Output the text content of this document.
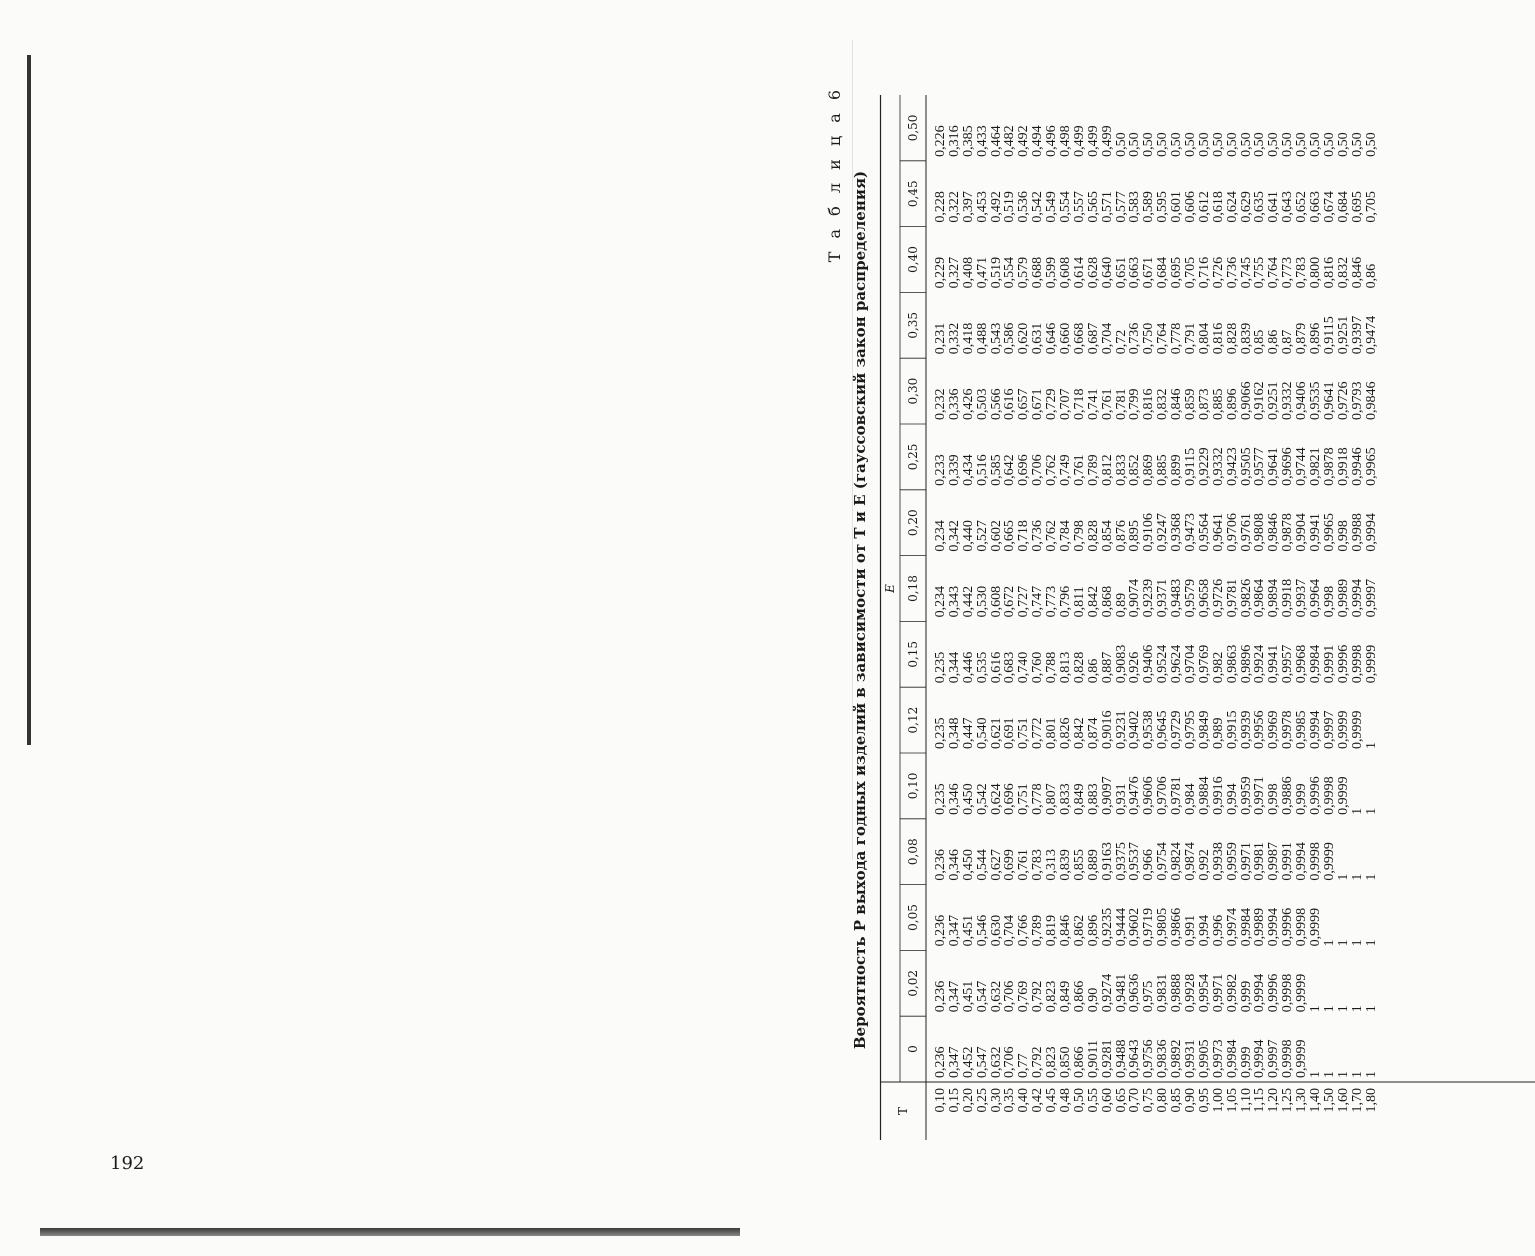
192
Т а б л и ц а 6 Вероятность P выхода годных изделий в зависимости от T и E (гауссовский закон распределения)
T
E
0
0,02
0,05
0,08
0,10
0,12
0,15
0,18
0,20
0,25
0,30
0,35
0,40
0,45
0,50
0,10
0,15
0,20
0,25
0,30
0,35
0,40
0,42
0,45
0,48
0,50
0,55
0,60
0,65
0,70
0,75
0,80
0,85
0,90
0,95
1,00
1,05
1,10
1,15
1,20
1,25
1,30
1,40
1,50
1,60
1,70
1,80
0,236
0,347
0,452
0,547
0,632
0,706
0,77
0,792
0,823
0,850
0,866
0,9011
0,9281
0,9488
0,9643
0,9756
0,9836
0,9892
0,9931
0,9905
0,9973
0,9984
0,999
0,9994
0,9997
0,9998
0,9999
1
1
1
1
1
0,236
0,347
0,451
0,547
0,632
0,706
0,769
0,792
0,823
0,849
0,866
0,90
0,9274
0,9481
0,9636
0,975
0,9831
0,9888
0,9928
0,9954
0,9971
0,9982
0,999
0,9994
0,9996
0,9998
0,9999
1
1
1
1
1
0,236
0,347
0,451
0,546
0,630
0,704
0,766
0,789
0,819
0,846
0,862
0,896
0,9235
0,9444
0,9602
0,9719
0,9805
0,9866
0,991
0,994
0,996
0,9974
0,9984
0,9989
0,9994
0,9996
0,9998
0,9999
1
1
1
1
0,236
0,346
0,450
0,544
0,627
0,699
0,761
0,783
0,313
0,839
0,855
0,889
0,9163
0,9375
0,9537
0,966
0,9754
0,9824
0,9874
0,992
0,9938
0,9959
0,9971
0,9981
0,9987
0,9991
0,9994
0,9998
0,9999
1
1
1
0,235
0,346
0,450
0,542
0,624
0,696
0,751
0,778
0,807
0,833
0,849
0,883
0,9097
0,931
0,9476
0,9606
0,9706
0,9781
0,984
0,9884
0,9916
0,994
0,9959
0,9971
0,998
0,9886
0,999
0,9996
0,9998
0,9999
1
1
0,235
0,348
0,447
0,540
0,621
0,691
0,751
0,772
0,801
0,826
0,842
0,874
0,9016
0,9231
0,9402
0,9538
0,9645
0,9729
0,9795
0,9849
0,989
0,9915
0,9939
0,9956
0,9969
0,9978
0,9985
0,9994
0,9997
0,9999
0,9999
1
0,235
0,344
0,446
0,535
0,616
0,683
0,740
0,760
0,788
0,813
0,828
0,86
0,887
0,9083
0,926
0,9406
0,9524
0,9624
0,9704
0,9769
0,982
0,9863
0,9896
0,9924
0,9941
0,9957
0,9968
0,9984
0,9991
0,9996
0,9998
0,9999
0,234
0,343
0,442
0,530
0,608
0,672
0,727
0,747
0,773
0,796
0,811
0,842
0,868
0,89
0,9074
0,9239
0,9371
0,9483
0,9579
0,9658
0,9726
0,9781
0,9826
0,9864
0,9894
0,9918
0,9937
0,9964
0,998
0,9989
0,9994
0,9997
0,234
0,342
0,440
0,527
0,602
0,665
0,718
0,736
0,762
0,784
0,798
0,828
0,854
0,876
0,895
0,9106
0,9247
0,9368
0,9473
0,9564
0,9641
0,9706
0,9761
0,9808
0,9846
0,9878
0,9904
0,9941
0,9965
0,998
0,9988
0,9994
0,233
0,339
0,434
0,516
0,585
0,642
0,696
0,706
0,762
0,749
0,761
0,789
0,812
0,833
0,852
0,869
0,885
0,899
0,9115
0,9229
0,9332
0,9423
0,9505
0,9577
0,9641
0,9696
0,9744
0,9821
0,9878
0,9918
0,9946
0,9965
0,232
0,336
0,426
0,503
0,566
0,616
0,657
0,671
0,729
0,707
0,718
0,741
0,761
0,781
0,799
0,816
0,832
0,846
0,859
0,873
0,885
0,896
0,9066
0,9162
0,9251
0,9332
0,9406
0,9535
0,9641
0,9726
0,9793
0,9846
0,231
0,332
0,418
0,488
0,543
0,586
0,620
0,631
0,646
0,660
0,668
0,687
0,704
0,72
0,736
0,750
0,764
0,778
0,791
0,804
0,816
0,828
0,839
0,85
0,86
0,87
0,879
0,896
0,9115
0,9251
0,9397
0,9474
0,229
0,327
0,408
0,471
0,519
0,554
0,579
0,688
0,599
0,608
0,614
0,628
0,640
0,651
0,663
0,671
0,684
0,695
0,705
0,716
0,726
0,736
0,745
0,755
0,764
0,773
0,783
0,800
0,816
0,832
0,846
0,86
0,228
0,322
0,397
0,453
0,492
0,519
0,536
0,542
0,549
0,554
0,557
0,565
0,571
0,577
0,583
0,589
0,595
0,601
0,606
0,612
0,618
0,624
0,629
0,635
0,641
0,643
0,652
0,663
0,674
0,684
0,695
0,705
0,226
0,316
0,385
0,433
0,464
0,482
0,492
0,494
0,496
0,498
0,499
0,499
0,499
0,50
0,50
0,50
0,50
0,50
0,50
0,50
0,50
0,50
0,50
0,50
0,50
0,50
0,50
0,50
0,50
0,50
0,50
0,50
